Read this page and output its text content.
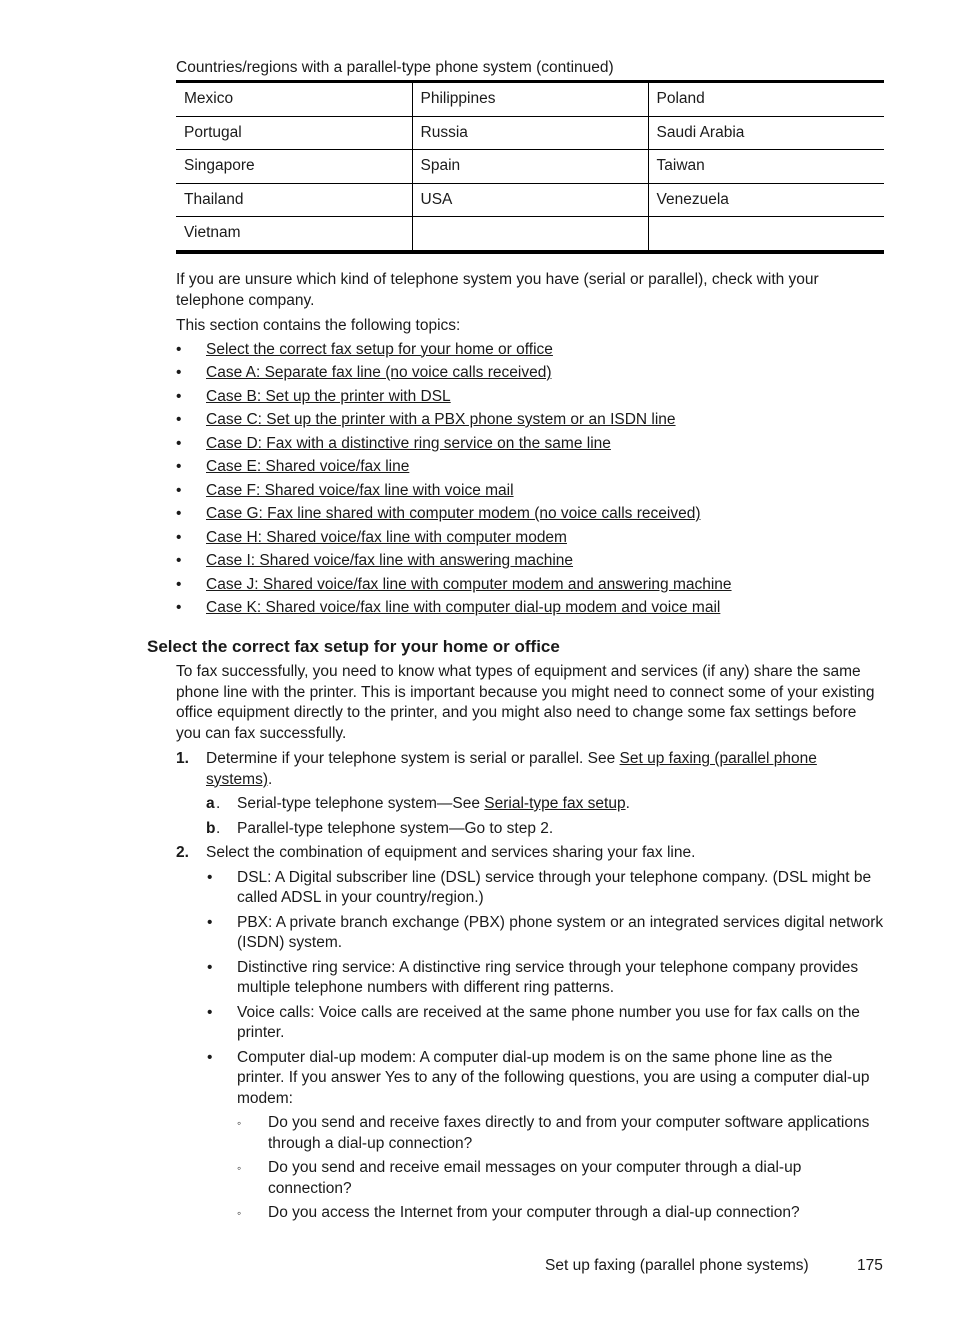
Countries/regions with a parallel-type phone system (continued)
Mexico	Philippines	Poland
Portugal	Russia	Saudi Arabia
Singapore	Spain	Taiwan
Thailand	USA	Venezuela
Vietnam		

If you are unsure which kind of telephone system you have (serial or parallel), check with your telephone company.

This section contains the following topics:

• Select the correct fax setup for your home or office
• Case A: Separate fax line (no voice calls received)
• Case B: Set up the printer with DSL
• Case C: Set up the printer with a PBX phone system or an ISDN line
• Case D: Fax with a distinctive ring service on the same line
• Case E: Shared voice/fax line
• Case F: Shared voice/fax line with voice mail
• Case G: Fax line shared with computer modem (no voice calls received)
• Case H: Shared voice/fax line with computer modem
• Case I: Shared voice/fax line with answering machine
• Case J: Shared voice/fax line with computer modem and answering machine
• Case K: Shared voice/fax line with computer dial-up modem and voice mail
Select the correct fax setup for your home or office

To fax successfully, you need to know what types of equipment and services (if any) share the same phone line with the printer. This is important because you might need to connect some of your existing office equipment directly to the printer, and you might also need to change some fax settings before you can fax successfully.

1. Determine if your telephone system is serial or parallel. See Set up faxing (parallel phone systems).
a . Serial-type telephone system—See Serial-type fax setup.
b . Parallel-type telephone system—Go to step 2.
2. Select the combination of equipment and services sharing your fax line.
• DSL: A Digital subscriber line (DSL) service through your telephone company. (DSL might be called ADSL in your country/region.)
• PBX: A private branch exchange (PBX) phone system or an integrated services digital network (ISDN) system.
• Distinctive ring service: A distinctive ring service through your telephone company provides multiple telephone numbers with different ring patterns.
• Voice calls: Voice calls are received at the same phone number you use for fax calls on the printer.
• Computer dial-up modem: A computer dial-up modem is on the same phone line as the printer. If you answer Yes to any of the following questions, you are using a computer dial-up modem:
◦ Do you send and receive faxes directly to and from your computer software applications through a dial-up connection?
◦ Do you send and receive email messages on your computer through a dial-up connection?
◦ Do you access the Internet from your computer through a dial-up connection?
Set up faxing (parallel phone systems)	175
